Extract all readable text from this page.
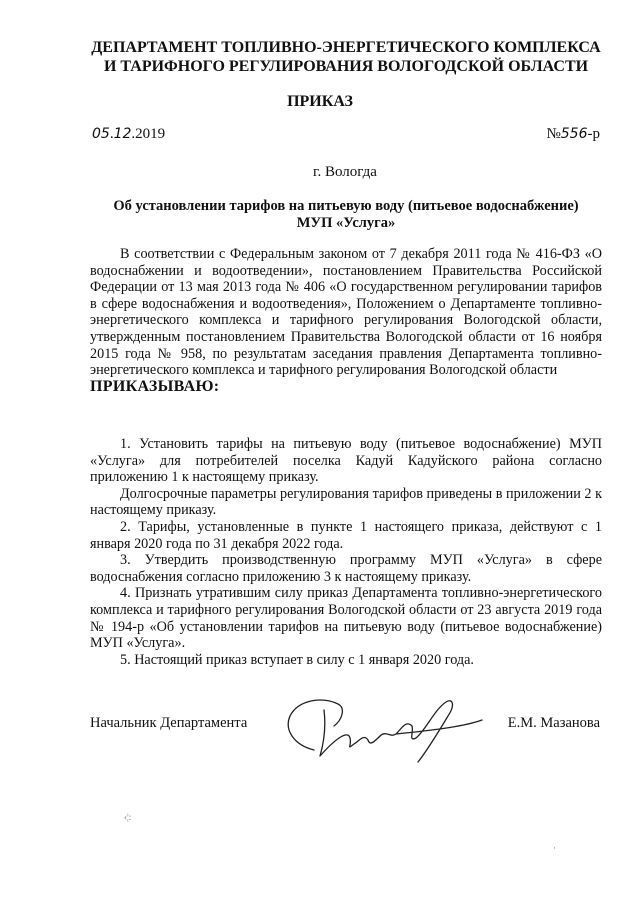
ДЕПАРТАМЕНТ ТОПЛИВНО-ЭНЕРГЕТИЧЕСКОГО КОМПЛЕКСА
И ТАРИФНОГО РЕГУЛИРОВАНИЯ ВОЛОГОДСКОЙ ОБЛАСТИ
ПРИКАЗ
05.12.2019	№556-р
г. Вологда
Об установлении тарифов на питьевую воду (питьевое водоснабжение)
МУП «Услуга»
В соответствии с Федеральным законом от 7 декабря 2011 года № 416-ФЗ «О водоснабжении и водоотведении», постановлением Правительства Российской Федерации от 13 мая 2013 года № 406 «О государственном регулировании тарифов в сфере водоснабжения и водоотведения», Положением о Департаменте топливно-энергетического комплекса и тарифного регулирования Вологодской области, утвержденным постановлением Правительства Вологодской области от 16 ноября 2015 года № 958, по результатам заседания правления Департамента топливно-энергетического комплекса и тарифного регулирования Вологодской области
ПРИКАЗЫВАЮ:

1. Установить тарифы на питьевую воду (питьевое водоснабжение) МУП «Услуга» для потребителей поселка Кадуй Кадуйского района согласно приложению 1 к настоящему приказу.

Долгосрочные параметры регулирования тарифов приведены в приложении 2 к настоящему приказу.

2. Тарифы, установленные в пункте 1 настоящего приказа, действуют с 1 января 2020 года по 31 декабря 2022 года.

3. Утвердить производственную программу МУП «Услуга» в сфере водоснабжения согласно приложению 3 к настоящему приказу.

4. Признать утратившим силу приказ Департамента топливно-энергетического комплекса и тарифного регулирования Вологодской области от 23 августа 2019 года № 194-р «Об установлении тарифов на питьевую воду (питьевое водоснабжение) МУП «Услуга».

5. Настоящий приказ вступает в силу с 1 января 2020 года.

Начальник Департамента	Е.М. Мазанова
‹¦:
·
